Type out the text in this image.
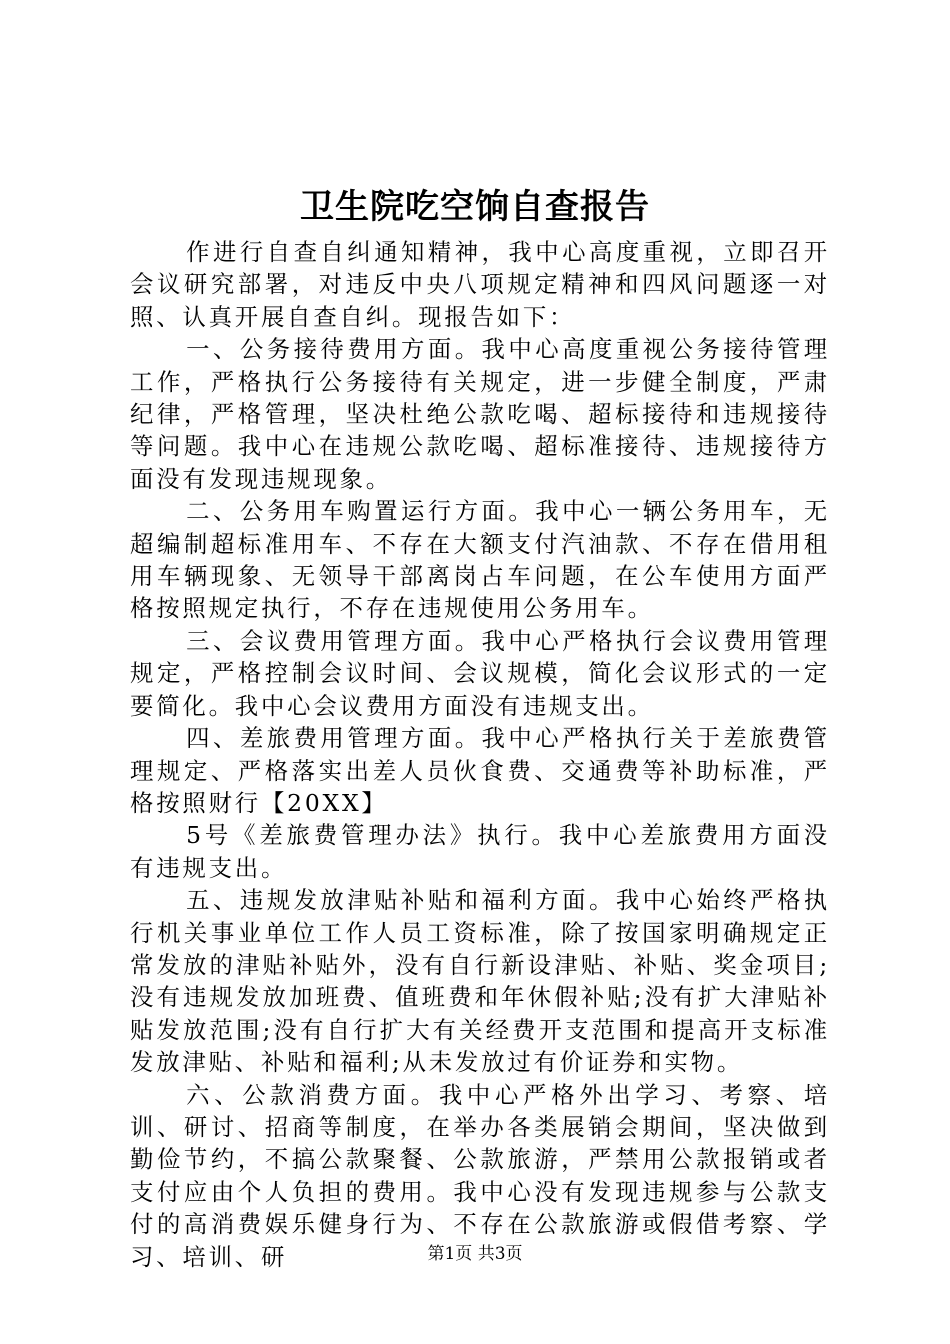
卫生院吃空饷自查报告

作进行自查自纠通知精神，我中心高度重视，立即召开会议研究部署，对违反中央八项规定精神和四风问题逐一对照、认真开展自查自纠。现报告如下：

一、公务接待费用方面。我中心高度重视公务接待管理工作，严格执行公务接待有关规定，进一步健全制度，严肃纪律，严格管理，坚决杜绝公款吃喝、超标接待和违规接待等问题。我中心在违规公款吃喝、超标准接待、违规接待方面没有发现违规现象。

二、公务用车购置运行方面。我中心一辆公务用车，无超编制超标准用车、不存在大额支付汽油款、不存在借用租用车辆现象、无领导干部离岗占车问题，在公车使用方面严格按照规定执行，不存在违规使用公务用车。

三、会议费用管理方面。我中心严格执行会议费用管理规定，严格控制会议时间、会议规模，简化会议形式的一定要简化。我中心会议费用方面没有违规支出。

四、差旅费用管理方面。我中心严格执行关于差旅费管理规定、严格落实出差人员伙食费、交通费等补助标准，严格按照财行【20XX】

5号《差旅费管理办法》执行。我中心差旅费用方面没有违规支出。

五、违规发放津贴补贴和福利方面。我中心始终严格执行机关事业单位工作人员工资标准，除了按国家明确规定正常发放的津贴补贴外，没有自行新设津贴、补贴、奖金项目;没有违规发放加班费、值班费和年休假补贴;没有扩大津贴补贴发放范围;没有自行扩大有关经费开支范围和提高开支标准发放津贴、补贴和福利;从未发放过有价证券和实物。

六、公款消费方面。我中心严格外出学习、考察、培训、研讨、招商等制度，在举办各类展销会期间，坚决做到勤俭节约，不搞公款聚餐、公款旅游，严禁用公款报销或者支付应由个人负担的费用。我中心没有发现违规参与公款支付的高消费娱乐健身行为、不存在公款旅游或假借考察、学习、培训、研	第1页 共3页
